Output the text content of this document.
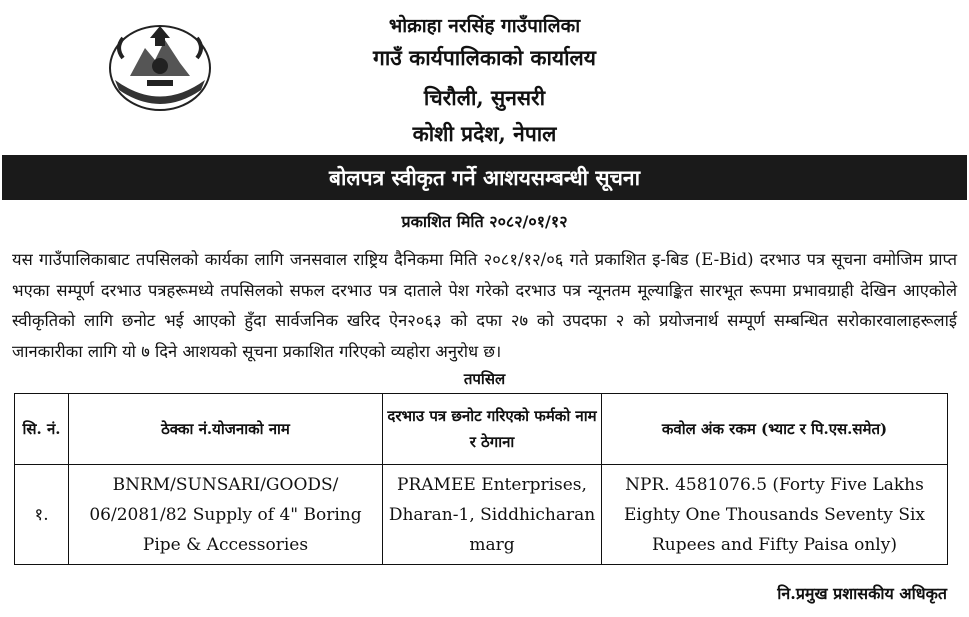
भोक्राहा नरसिंह गाउँपालिका
गाउँ कार्यपालिकाको कार्यालय
चिरौली, सुनसरी
कोशी प्रदेश, नेपाल
बोलपत्र स्वीकृत गर्ने आशयसम्बन्धी सूचना
प्रकाशित मिति २०८२/०१/१२
यस गाउँपालिकाबाट तपसिलको कार्यका लागि जनसवाल राष्ट्रिय दैनिकमा मिति २०८१/१२/०६ गते प्रकाशित इ-बिड (E-Bid) दरभाउ पत्र सूचना वमोजिम प्राप्त भएका सम्पूर्ण दरभाउ पत्रहरूमध्ये तपसिलको सफल दरभाउ पत्र दाताले पेश गरेको दरभाउ पत्र न्यूनतम मूल्याङ्कित सारभूत रूपमा प्रभावग्राही देखिन आएकोले स्वीकृतिको लागि छनोट भई आएको हुँदा सार्वजनिक खरिद ऐन२०६३ को दफा २७ को उपदफा २ को प्रयोजनार्थ सम्पूर्ण सम्बन्धित सरोकारवालाहरूलाई जानकारीका लागि यो ७ दिने आशयको सूचना प्रकाशित गरिएको व्यहोरा अनुरोध छ।
तपसिल
सि. नं.	ठेक्का नं.योजनाको नाम	दरभाउ पत्र छनोट गरिएको फर्मको नाम र ठेगाना	कवोल अंक रकम (भ्याट र पि.एस.समेत)
१.	BNRM/SUNSARI/GOODS/ 06/2081/82 Supply of 4" Boring Pipe & Accessories	PRAMEE Enterprises, Dharan-1, Siddhicharan marg	NPR. 4581076.5 (Forty Five Lakhs Eighty One Thousands Seventy Six Rupees and Fifty Paisa only)
नि.प्रमुख प्रशासकीय अधिकृत
